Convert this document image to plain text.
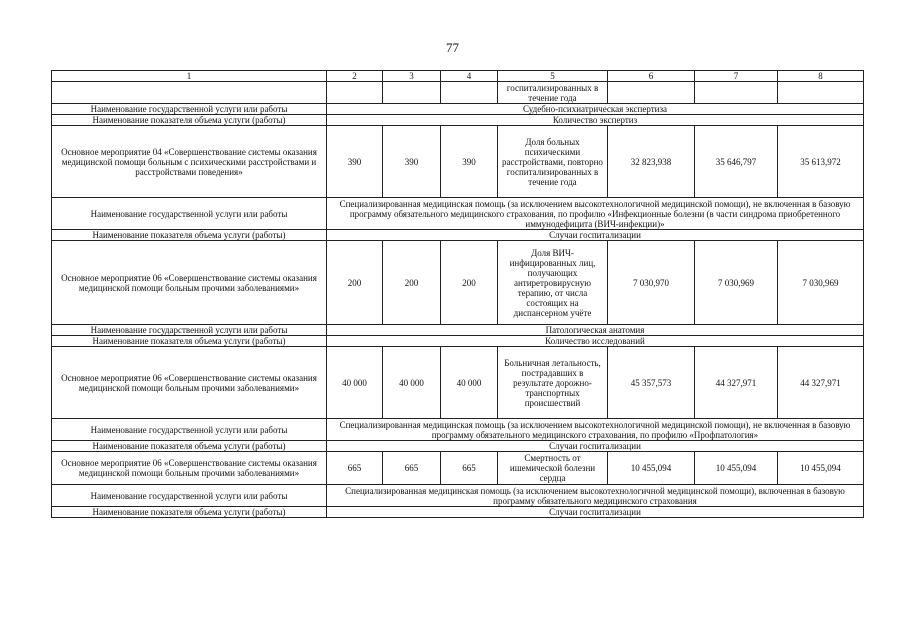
77
1	2	3	4	5	6	7	8
				госпитализированных в течение года			
Наименование государственной услуги или работы	Судебно-психиатрическая экспертиза						
Наименование показателя объема услуги (работы)	Количество экспертиз						
Основное мероприятие 04 «Совершенствование системы оказания медицинской помощи больным с психическими расстройствами и расстройствами поведения»	390	390	390	Доля больных психическими расстройствами, повторно госпитализированных в течение года	32 823,938	35 646,797	35 613,972
Наименование государственной услуги или работы	Специализированная медицинская помощь (за исключением высокотехнологичной медицинской помощи), не включенная в базовую программу обязательного медицинского страхования, по профилю «Инфекционные болезни (в части синдрома приобретенного иммунодефицита (ВИЧ-инфекции)»						
Наименование показателя объема услуги (работы)	Случаи госпитализации						
Основное мероприятие 06 «Совершенствование системы оказания медицинской помощи больным прочими заболеваниями»	200	200	200	Доля ВИЧ-инфицированных лиц, получающих антиретровирусную терапию, от числа состоящих на диспансерном учёте	7 030,970	7 030,969	7 030,969
Наименование государственной услуги или работы	Патологическая анатомия						
Наименование показателя объема услуги (работы)	Количество исследований						
Основное мероприятие 06 «Совершенствование системы оказания медицинской помощи больным прочими заболеваниями»	40 000	40 000	40 000	Больничная летальность, пострадавших в результате дорожно-транспортных происшествий	45 357,573	44 327,971	44 327,971
Наименование государственной услуги или работы	Специализированная медицинская помощь (за исключением высокотехнологичной медицинской помощи), не включенная в базовую программу обязательного медицинского страхования, по профилю «Профпатология»						
Наименование показателя объема услуги (работы)	Случаи госпитализации						
Основное мероприятие 06 «Совершенствование системы оказания медицинской помощи больным прочими заболеваниями»	665	665	665	Смертность от ишемической болезни сердца	10 455,094	10 455,094	10 455,094
Наименование государственной услуги или работы	Специализированная медицинская помощь (за исключением высокотехнологичной медицинской помощи), включенная в базовую программу обязательного медицинского страхования						
Наименование показателя объема услуги (работы)	Случаи госпитализации						
